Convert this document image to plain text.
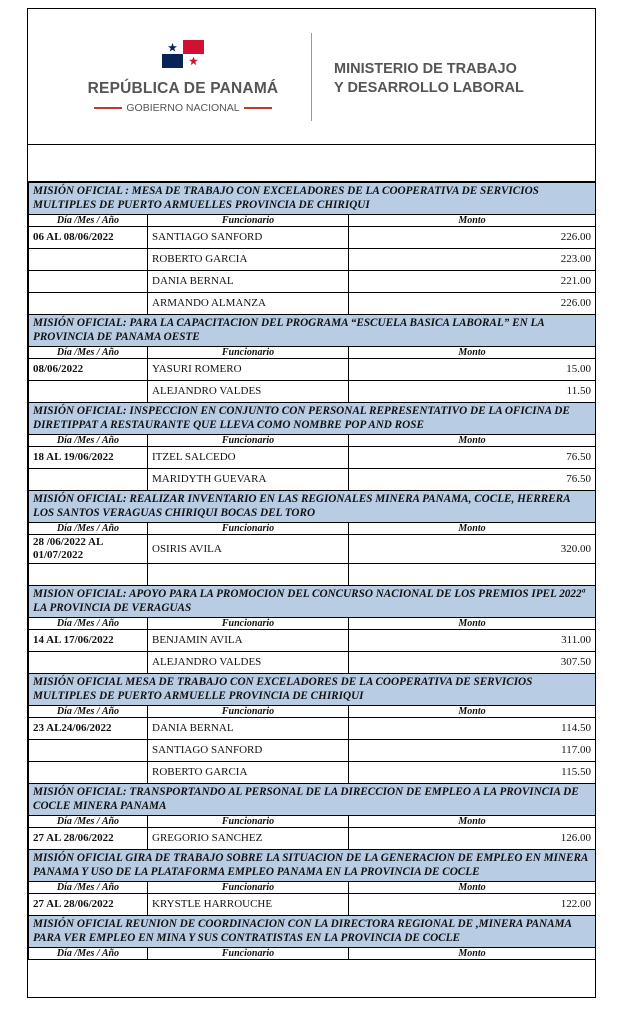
REPÚBLICA DE PANAMÁ
GOBIERNO NACIONAL
MINISTERIO DE TRABAJO
Y DESARROLLO LABORAL
MISIÓN OFICIAL : MESA DE TRABAJO CON EXCELADORES DE LA COOPERATIVA DE SERVICIOS MULTIPLES DE PUERTO ARMUELLES PROVINCIA DE CHIRIQUI		
Día /Mes / Año	Funcionario	Monto
06 AL 08/06/2022	SANTIAGO SANFORD	226.00
	ROBERTO GARCIA	223.00
	DANIA BERNAL	221.00
	ARMANDO ALMANZA	226.00
MISIÓN OFICIAL: PARA LA CAPACITACION DEL PROGRAMA “ESCUELA BASICA LABORAL” EN LA PROVINCIA DE PANAMA OESTE		
Día /Mes / Año	Funcionario	Monto
08/06/2022	YASURI ROMERO	15.00
	ALEJANDRO VALDES	11.50
MISIÓN OFICIAL: INSPECCION EN CONJUNTO CON PERSONAL REPRESENTATIVO DE LA OFICINA DE DIRETIPPAT A RESTAURANTE QUE LLEVA COMO NOMBRE POP AND ROSE		
Día /Mes / Año	Funcionario	Monto
18 AL 19/06/2022	ITZEL SALCEDO	76.50
	MARIDYTH GUEVARA	76.50
MISIÓN OFICIAL: REALIZAR INVENTARIO EN LAS REGIONALES MINERA PANAMA, COCLE, HERRERA LOS SANTOS VERAGUAS CHIRIQUI BOCAS DEL TORO		
Día /Mes / Año	Funcionario	Monto
28 /06/2022 AL 01/07/2022	OSIRIS AVILA	320.00

MISION OFICIAL: APOYO PARA LA PROMOCION DEL CONCURSO NACIONAL DE LOS PREMIOS IPEL 2022ª LA PROVINCIA DE VERAGUAS		
Día /Mes / Año	Funcionario	Monto
14 AL 17/06/2022	BENJAMIN AVILA	311.00
	ALEJANDRO VALDES	307.50
MISIÓN OFICIAL MESA DE TRABAJO CON EXCELADORES DE LA COOPERATIVA DE SERVICIOS MULTIPLES DE PUERTO ARMUELLE PROVINCIA DE CHIRIQUI		
Día /Mes / Año	Funcionario	Monto
23 AL24/06/2022	DANIA BERNAL	114.50
	SANTIAGO SANFORD	117.00
	ROBERTO GARCIA	115.50
MISIÓN OFICIAL: TRANSPORTANDO AL PERSONAL DE LA DIRECCION DE EMPLEO A LA PROVINCIA DE COCLE MINERA PANAMA		
Día /Mes / Año	Funcionario	Monto
27 AL 28/06/2022	GREGORIO SANCHEZ	126.00
MISIÓN OFICIAL GIRA DE TRABAJO SOBRE LA SITUACION DE LA GENERACION DE EMPLEO EN MINERA PANAMA Y USO DE LA PLATAFORMA EMPLEO PANAMA EN LA PROVINCIA DE COCLE		
Día /Mes / Año	Funcionario	Monto
27 AL 28/06/2022	KRYSTLE HARROUCHE	122.00
MISIÓN OFICIAL REUNION DE COORDINACION CON LA DIRECTORA REGIONAL DE ,MINERA PANAMA PARA VER EMPLEO EN MINA Y SUS CONTRATISTAS EN LA PROVINCIA DE COCLE		
Día /Mes / Año	Funcionario	Monto
